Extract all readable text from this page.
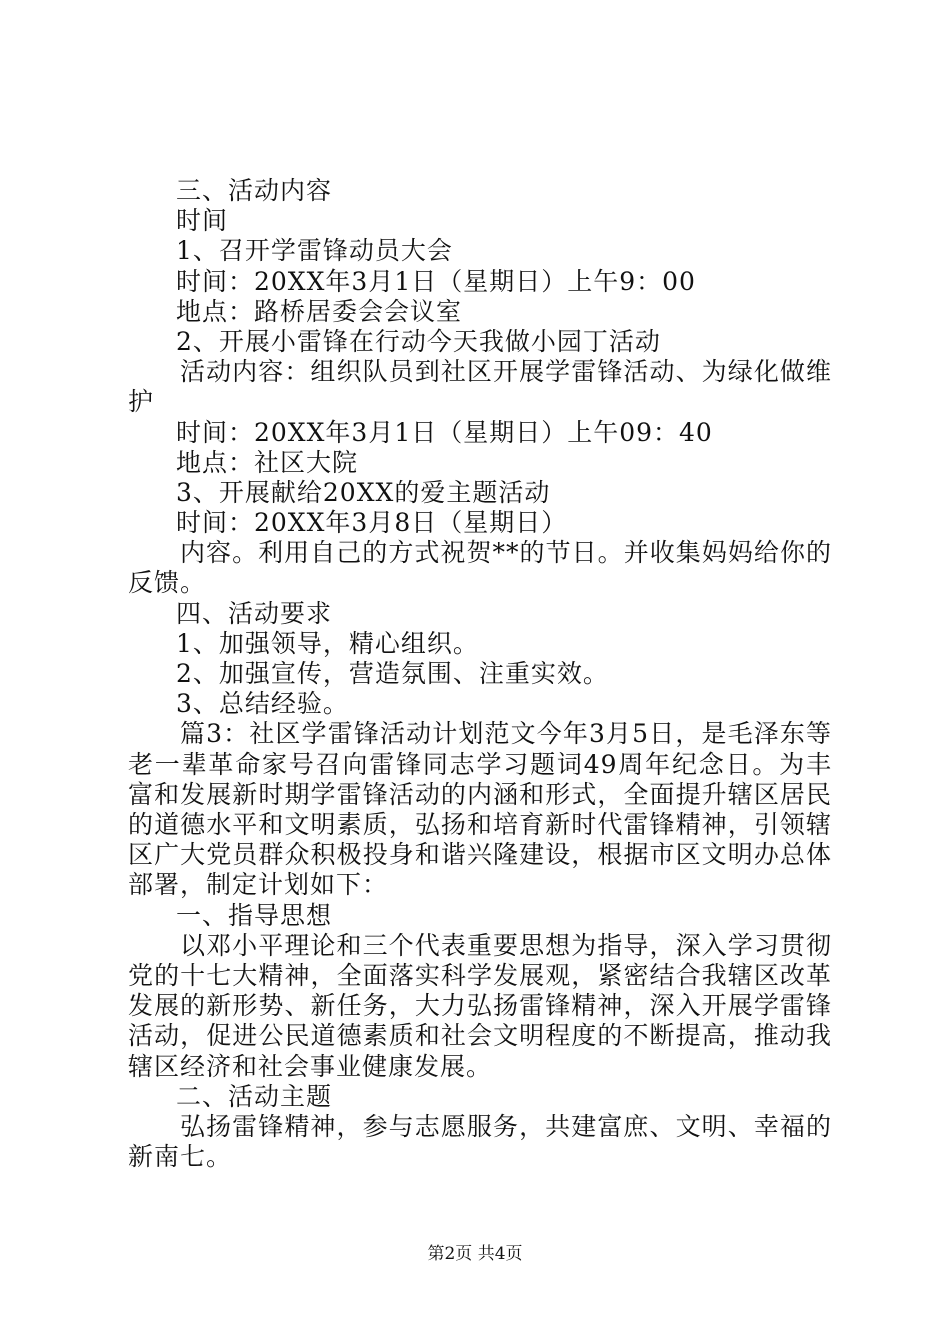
三、活动内容
时间
1、召开学雷锋动员大会
时间：20XX年3月1日（星期日）上午9：00
地点：路桥居委会会议室
2、开展小雷锋在行动今天我做小园丁活动
活动内容：组织队员到社区开展学雷锋活动、为绿化做维护
时间：20XX年3月1日（星期日）上午09：40
地点：社区大院
3、开展献给20XX的爱主题活动
时间：20XX年3月8日（星期日）
内容。利用自己的方式祝贺**的节日。并收集妈妈给你的反馈。
四、活动要求
1、加强领导，精心组织。
2、加强宣传，营造氛围、注重实效。
3、总结经验。
篇3：社区学雷锋活动计划范文今年3月5日，是毛泽东等老一辈革命家号召向雷锋同志学习题词49周年纪念日。为丰富和发展新时期学雷锋活动的内涵和形式，全面提升辖区居民的道德水平和文明素质，弘扬和培育新时代雷锋精神，引领辖区广大党员群众积极投身和谐兴隆建设，根据市区文明办总体部署，制定计划如下：
一、指导思想
以邓小平理论和三个代表重要思想为指导，深入学习贯彻党的十七大精神，全面落实科学发展观，紧密结合我辖区改革发展的新形势、新任务，大力弘扬雷锋精神，深入开展学雷锋活动，促进公民道德素质和社会文明程度的不断提高，推动我辖区经济和社会事业健康发展。
二、活动主题
弘扬雷锋精神，参与志愿服务，共建富庶、文明、幸福的新南七。
第2页 共4页
